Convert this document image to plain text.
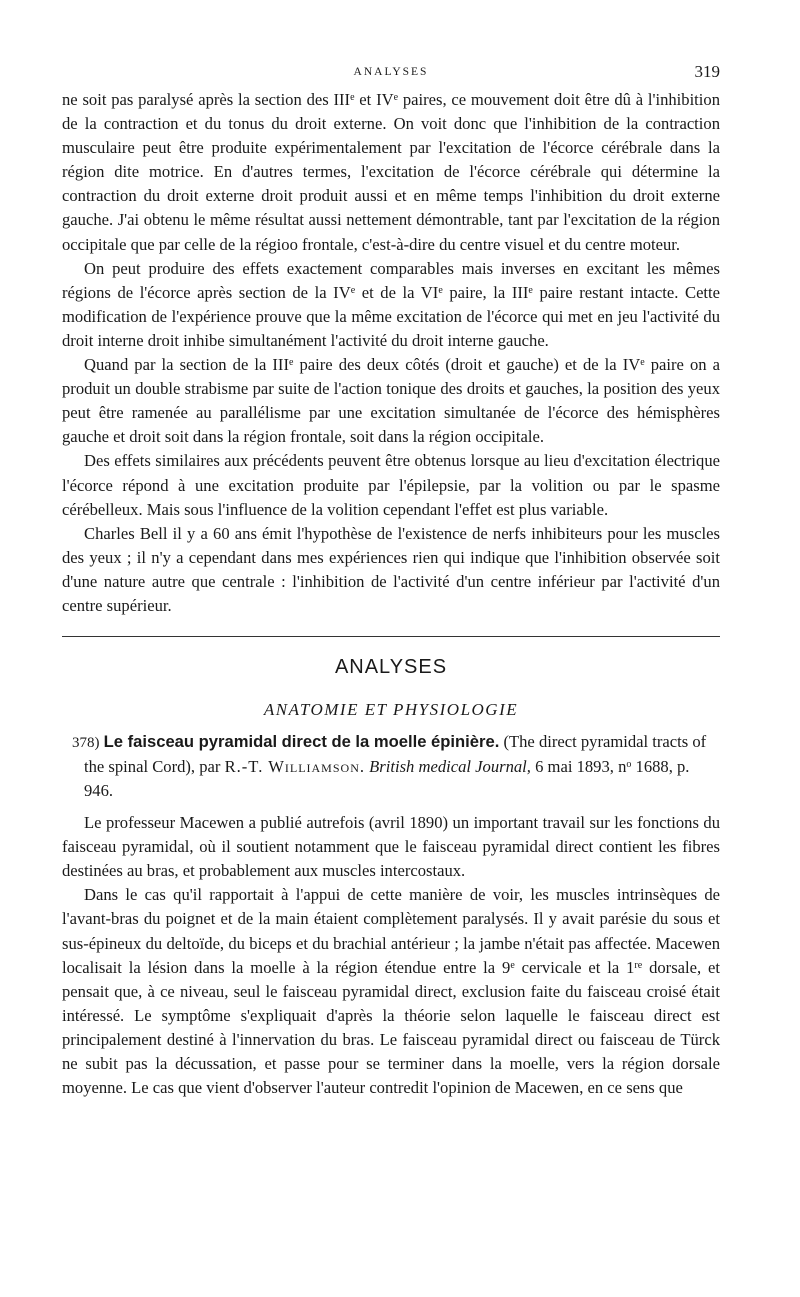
ANALYSES	319

ne soit pas paralysé après la section des IIIe et IVe paires, ce mouvement doit être dû à l'inhibition de la contraction et du tonus du droit externe. On voit donc que l'inhibition de la contraction musculaire peut être produite expérimentalement par l'excitation de l'écorce cérébrale dans la région dite motrice. En d'autres termes, l'excitation de l'écorce cérébrale qui détermine la contraction du droit externe droit produit aussi et en même temps l'inhibition du droit externe gauche. J'ai obtenu le même résultat aussi nettement démontrable, tant par l'excitation de la région occipitale que par celle de la régioo frontale, c'est-à-dire du centre visuel et du centre moteur.

On peut produire des effets exactement comparables mais inverses en excitant les mêmes régions de l'écorce après section de la IVe et de la VIe paire, la IIIe paire restant intacte. Cette modification de l'expérience prouve que la même excitation de l'écorce qui met en jeu l'activité du droit interne droit inhibe simultanément l'activité du droit interne gauche.

Quand par la section de la IIIe paire des deux côtés (droit et gauche) et de la IVe paire on a produit un double strabisme par suite de l'action tonique des droits et gauches, la position des yeux peut être ramenée au parallélisme par une excitation simultanée de l'écorce des hémisphères gauche et droit soit dans la région frontale, soit dans la région occipitale.

Des effets similaires aux précédents peuvent être obtenus lorsque au lieu d'excitation électrique l'écorce répond à une excitation produite par l'épilepsie, par la volition ou par le spasme cérébelleux. Mais sous l'influence de la volition cependant l'effet est plus variable.

Charles Bell il y a 60 ans émit l'hypothèse de l'existence de nerfs inhibiteurs pour les muscles des yeux ; il n'y a cependant dans mes expériences rien qui indique que l'inhibition observée soit d'une nature autre que centrale : l'inhibition de l'activité d'un centre inférieur par l'activité d'un centre supérieur.

ANALYSES
ANATOMIE ET PHYSIOLOGIE
378) Le faisceau pyramidal direct de la moelle épinière. (The direct pyramidal tracts of the spinal Cord), par R.-T. Williamson. British medical Journal, 6 mai 1893, $n^o$ 1688, p. 946.

Le professeur Macewen a publié autrefois (avril 1890) un important travail sur les fonctions du faisceau pyramidal, où il soutient notamment que le faisceau pyramidal direct contient les fibres destinées au bras, et probablement aux muscles intercostaux.

Dans le cas qu'il rapportait à l'appui de cette manière de voir, les muscles intrinsèques de l'avant-bras du poignet et de la main étaient complètement paralysés. Il y avait parésie du sous et sus-épineux du deltoïde, du biceps et du brachial antérieur ; la jambe n'était pas affectée. Macewen localisait la lésion dans la moelle à la région étendue entre la 9e cervicale et la 1re dorsale, et pensait que, à ce niveau, seul le faisceau pyramidal direct, exclusion faite du faisceau croisé était intéressé. Le symptôme s'expliquait d'après la théorie selon laquelle le faisceau direct est principalement destiné à l'innervation du bras. Le faisceau pyramidal direct ou faisceau de Türck ne subit pas la décussation, et passe pour se terminer dans la moelle, vers la région dorsale moyenne. Le cas que vient d'observer l'auteur contredit l'opinion de Macewen, en ce sens que
